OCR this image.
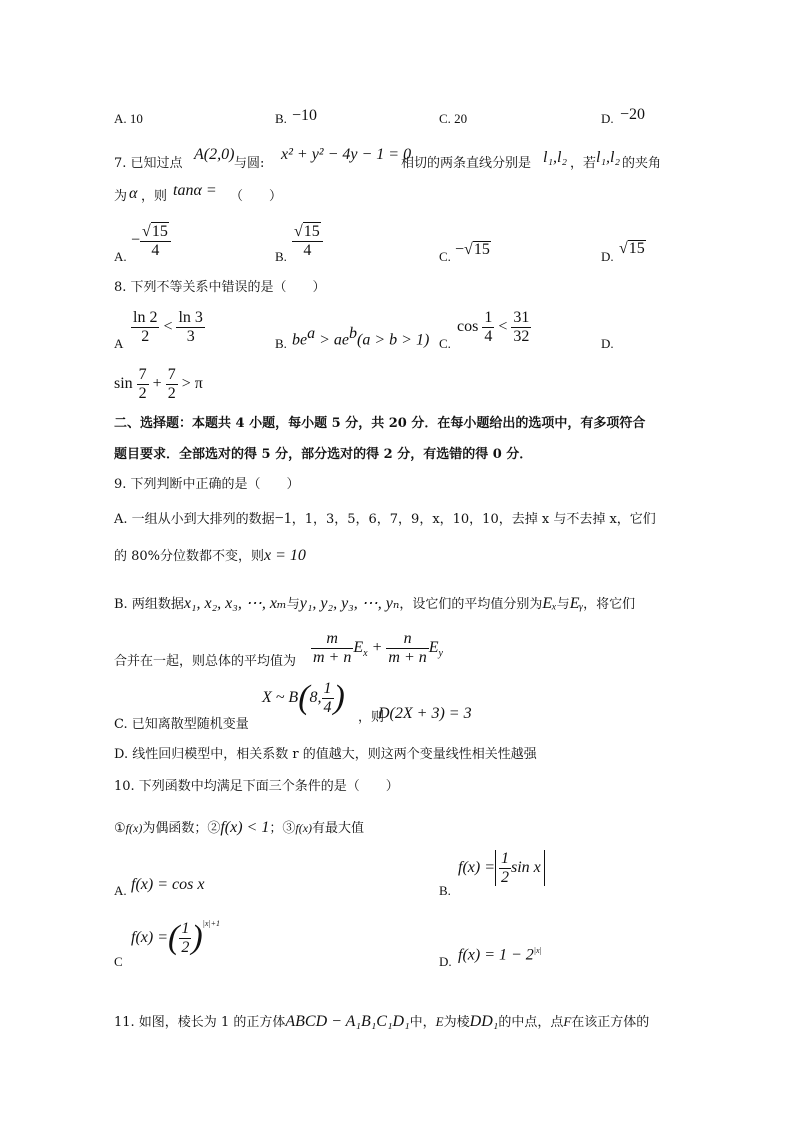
A. 10	B. −10	C. 20	D. −20
7. 已知过点
A(2,0)
与圆:
x² + y² − 4y − 1 = 0
相切的两条直线分别是 l₁,l₂ ，若 l₁,l₂ 的夹角
为 α ，则 tanα = （　　）
A.
− $\frac{√15}{4}$	B. $\frac{√15}{4}$	C. −√15	D. √15
8. 下列不等关系中错误的是（　　）
A $\frac{\ln 2}{2} < \frac{\ln 3}{3}$	B. $be^a > ae^b(a > b > 1)$ C.
$\cos \frac{1}{4} < \frac{31}{32}$	D.
$\sin \frac{7}{2} + \frac{7}{2} > \pi$
二、选择题：本题共 4 小题，每小题 5 分，共 20 分．在每小题给出的选项中，有多项符合
题目要求．全部选对的得 5 分，部分选对的得 2 分，有选错的得 0 分．
9. 下列判断中正确的是（　　）
A. 一组从小到大排列的数据−1，1，3，5，6，7，9，x，10，10，去掉 x 与不去掉 x，它们
的 80%分位数都不变，则x = 10
B. 两组数据x₁, x₂, x₃, ⋯, xₘ与y₁, y₂, y₃, ⋯, yₙ，设它们的平均值分别为Eₓ与Eᵧ，将它们
合并在一起，则总体的平均值为 $\frac{m}{m + n} E_x + \frac{n}{m + n} E_y$
C. 已知离散型随机变量
X ~ B(8, $\frac{1}{4}$ )
，则
D(2X + 3) = 3
D. 线性回归模型中，相关系数 r 的值越大，则这两个变量线性相关性越强
10. 下列函数中均满足下面三个条件的是（　　）
①f(x)为偶函数；②f(x) < 1；③f(x)有最大值
A. f(x) = cos x	B.
$f(x) = \frac{1}{2}$ sin x
C
f(x) =( $\frac{1}{2} )^{|x|+1}$
D. $f(x) = 1 - 2^{|x|}$
11. 如图，棱长为 1 的正方体ABCD − A₁B₁C₁D₁中，E为棱DD₁的中点，点F在该正方体的
